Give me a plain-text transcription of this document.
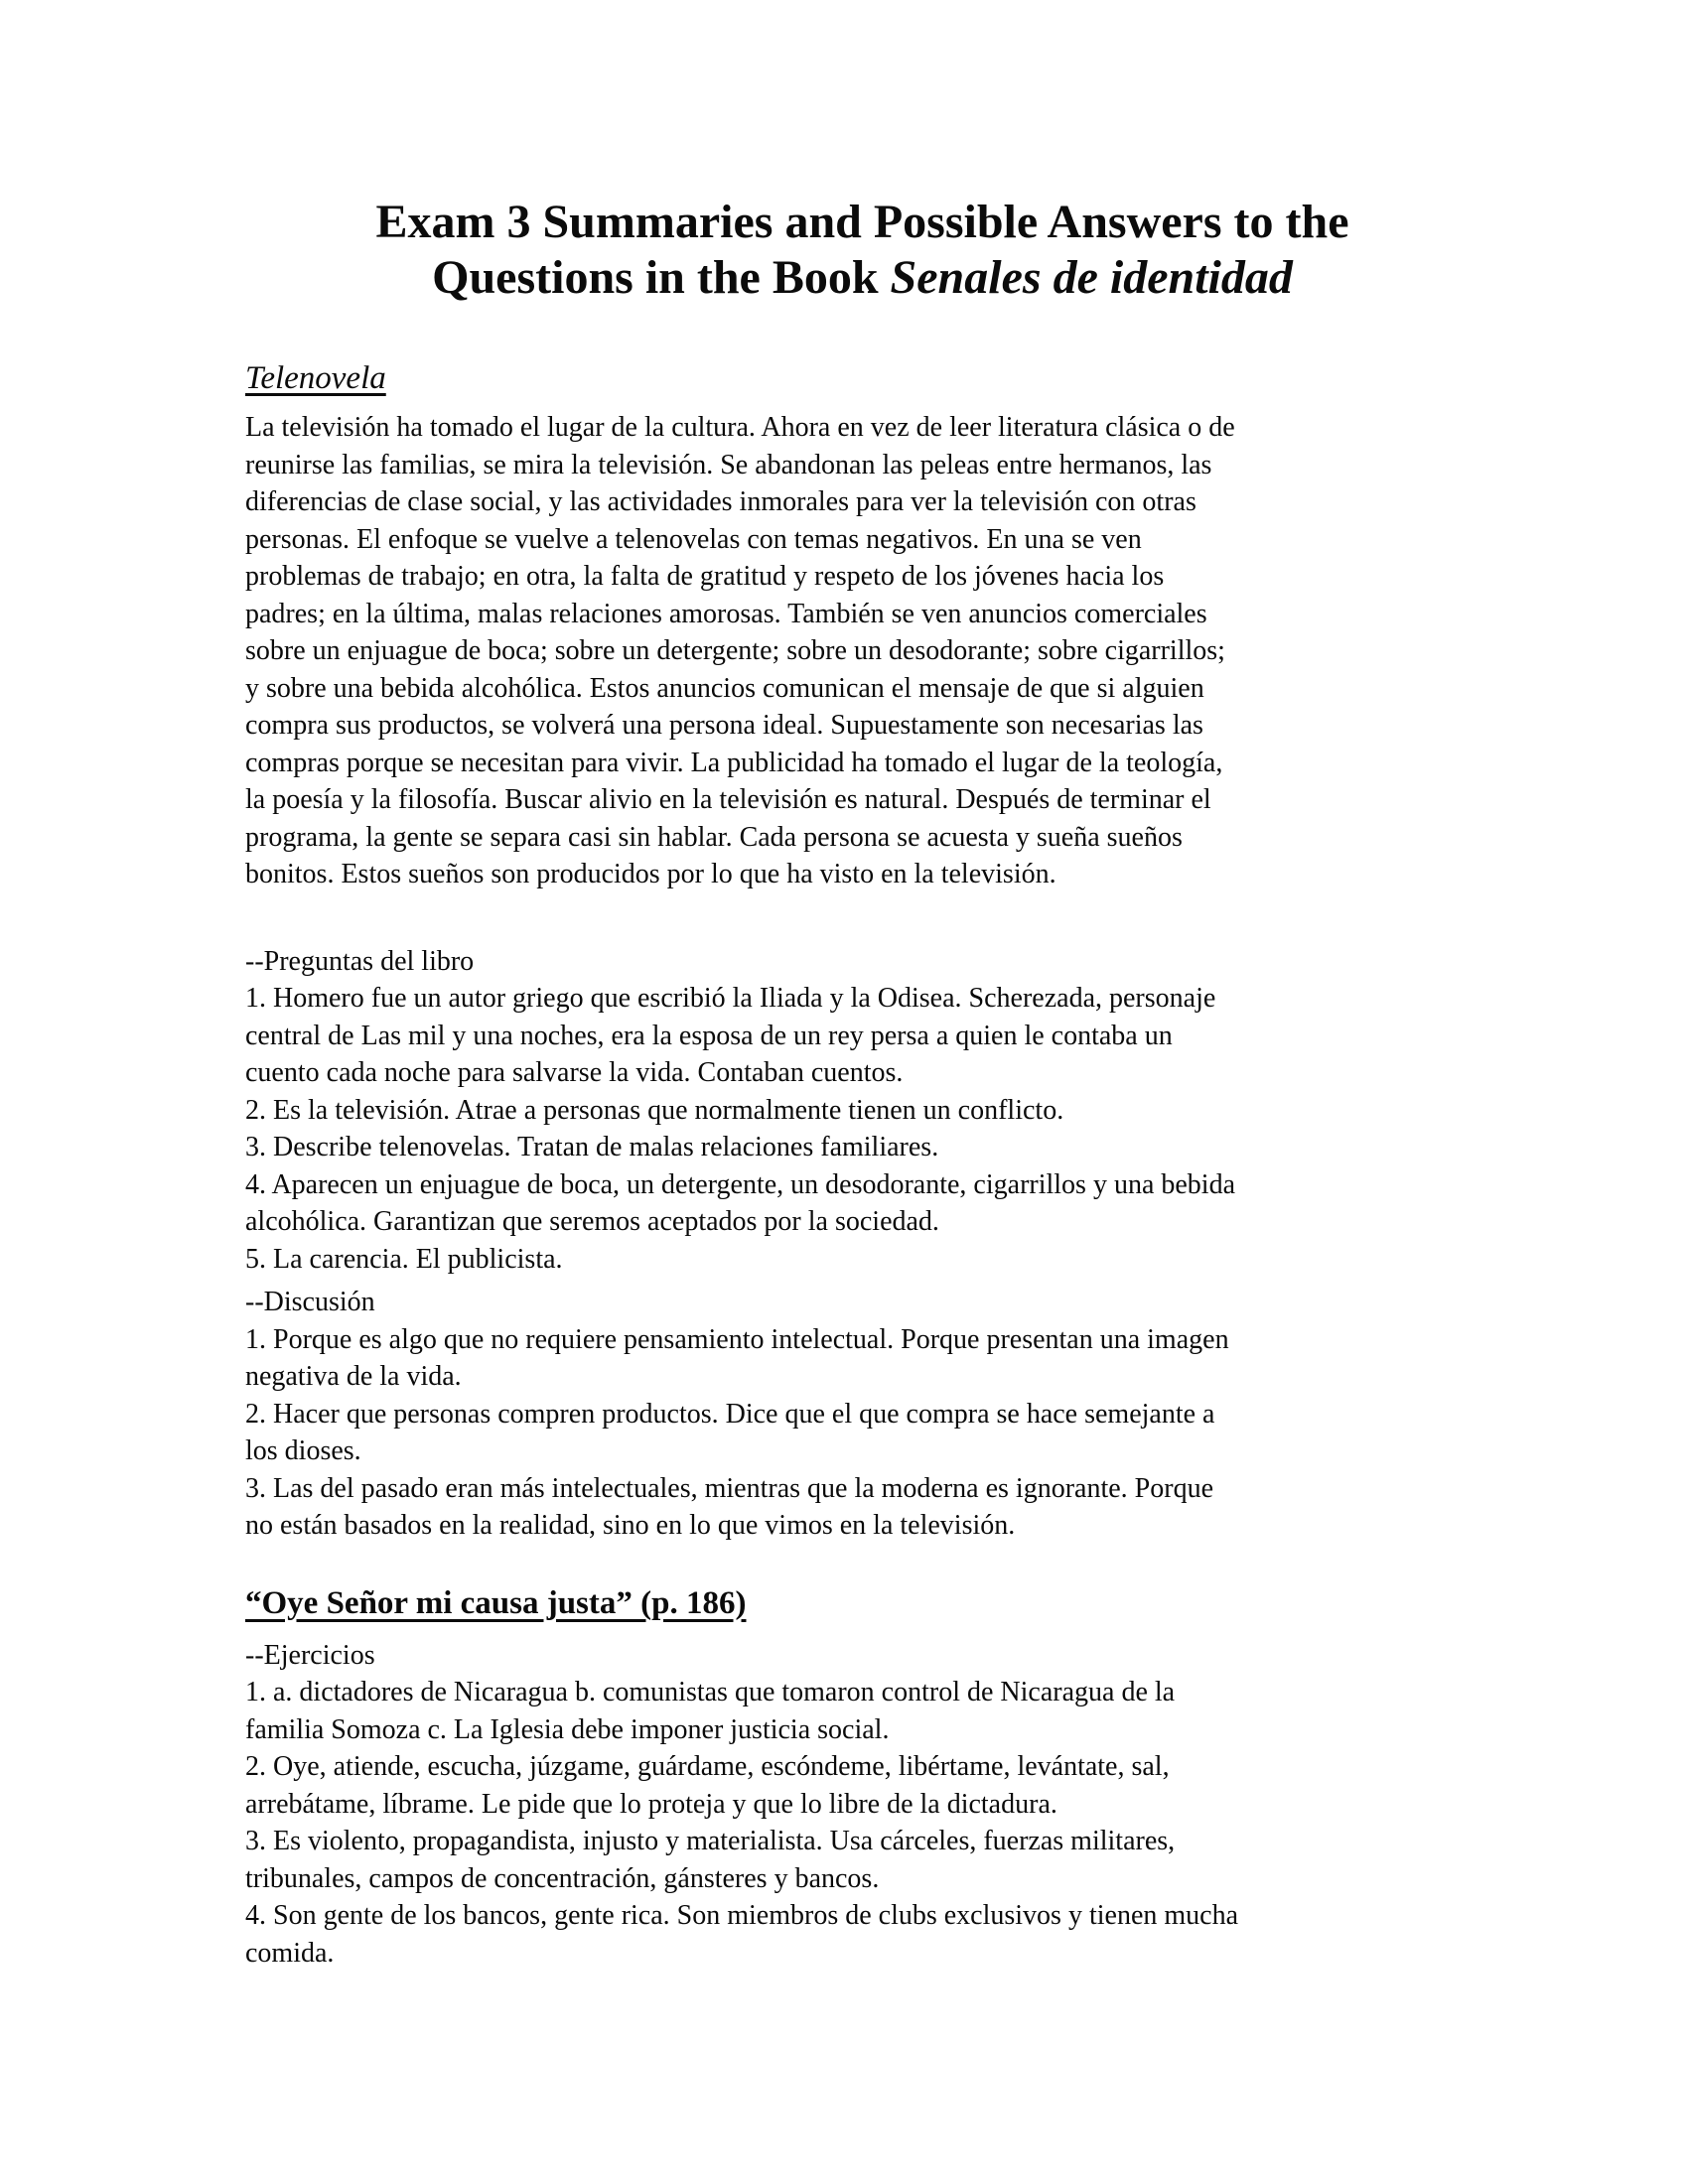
Exam 3 Summaries and Possible Answers to the
Questions in the Book Senales de identidad
Telenovela
La televisión ha tomado el lugar de la cultura. Ahora en vez de leer literatura clásica o de
reunirse las familias, se mira la televisión. Se abandonan las peleas entre hermanos, las
diferencias de clase social, y las actividades inmorales para ver la televisión con otras
personas. El enfoque se vuelve a telenovelas con temas negativos. En una se ven
problemas de trabajo; en otra, la falta de gratitud y respeto de los jóvenes hacia los
padres; en la última, malas relaciones amorosas. También se ven anuncios comerciales
sobre un enjuague de boca; sobre un detergente; sobre un desodorante; sobre cigarrillos;
y sobre una bebida alcohólica. Estos anuncios comunican el mensaje de que si alguien
compra sus productos, se volverá una persona ideal. Supuestamente son necesarias las
compras porque se necesitan para vivir. La publicidad ha tomado el lugar de la teología,
la poesía y la filosofía. Buscar alivio en la televisión es natural. Después de terminar el
programa, la gente se separa casi sin hablar. Cada persona se acuesta y sueña sueños
bonitos. Estos sueños son producidos por lo que ha visto en la televisión.
--Preguntas del libro
1. Homero fue un autor griego que escribió la Iliada y la Odisea. Scherezada, personaje
central de Las mil y una noches, era la esposa de un rey persa a quien le contaba un
cuento cada noche para salvarse la vida. Contaban cuentos.
2. Es la televisión. Atrae a personas que normalmente tienen un conflicto.
3. Describe telenovelas. Tratan de malas relaciones familiares.
4. Aparecen un enjuague de boca, un detergente, un desodorante, cigarrillos y una bebida
alcohólica. Garantizan que seremos aceptados por la sociedad.
5. La carencia. El publicista.
--Discusión
1. Porque es algo que no requiere pensamiento intelectual. Porque presentan una imagen
negativa de la vida.
2. Hacer que personas compren productos. Dice que el que compra se hace semejante a
los dioses.
3. Las del pasado eran más intelectuales, mientras que la moderna es ignorante. Porque
no están basados en la realidad, sino en lo que vimos en la televisión.
“Oye Señor mi causa justa” (p. 186)
--Ejercicios
1. a. dictadores de Nicaragua b. comunistas que tomaron control de Nicaragua de la
familia Somoza c. La Iglesia debe imponer justicia social.
2. Oye, atiende, escucha, júzgame, guárdame, escóndeme, libértame, levántate, sal,
arrebátame, líbrame. Le pide que lo proteja y que lo libre de la dictadura.
3. Es violento, propagandista, injusto y materialista. Usa cárceles, fuerzas militares,
tribunales, campos de concentración, gánsteres y bancos.
4. Son gente de los bancos, gente rica. Son miembros de clubs exclusivos y tienen mucha
comida.
